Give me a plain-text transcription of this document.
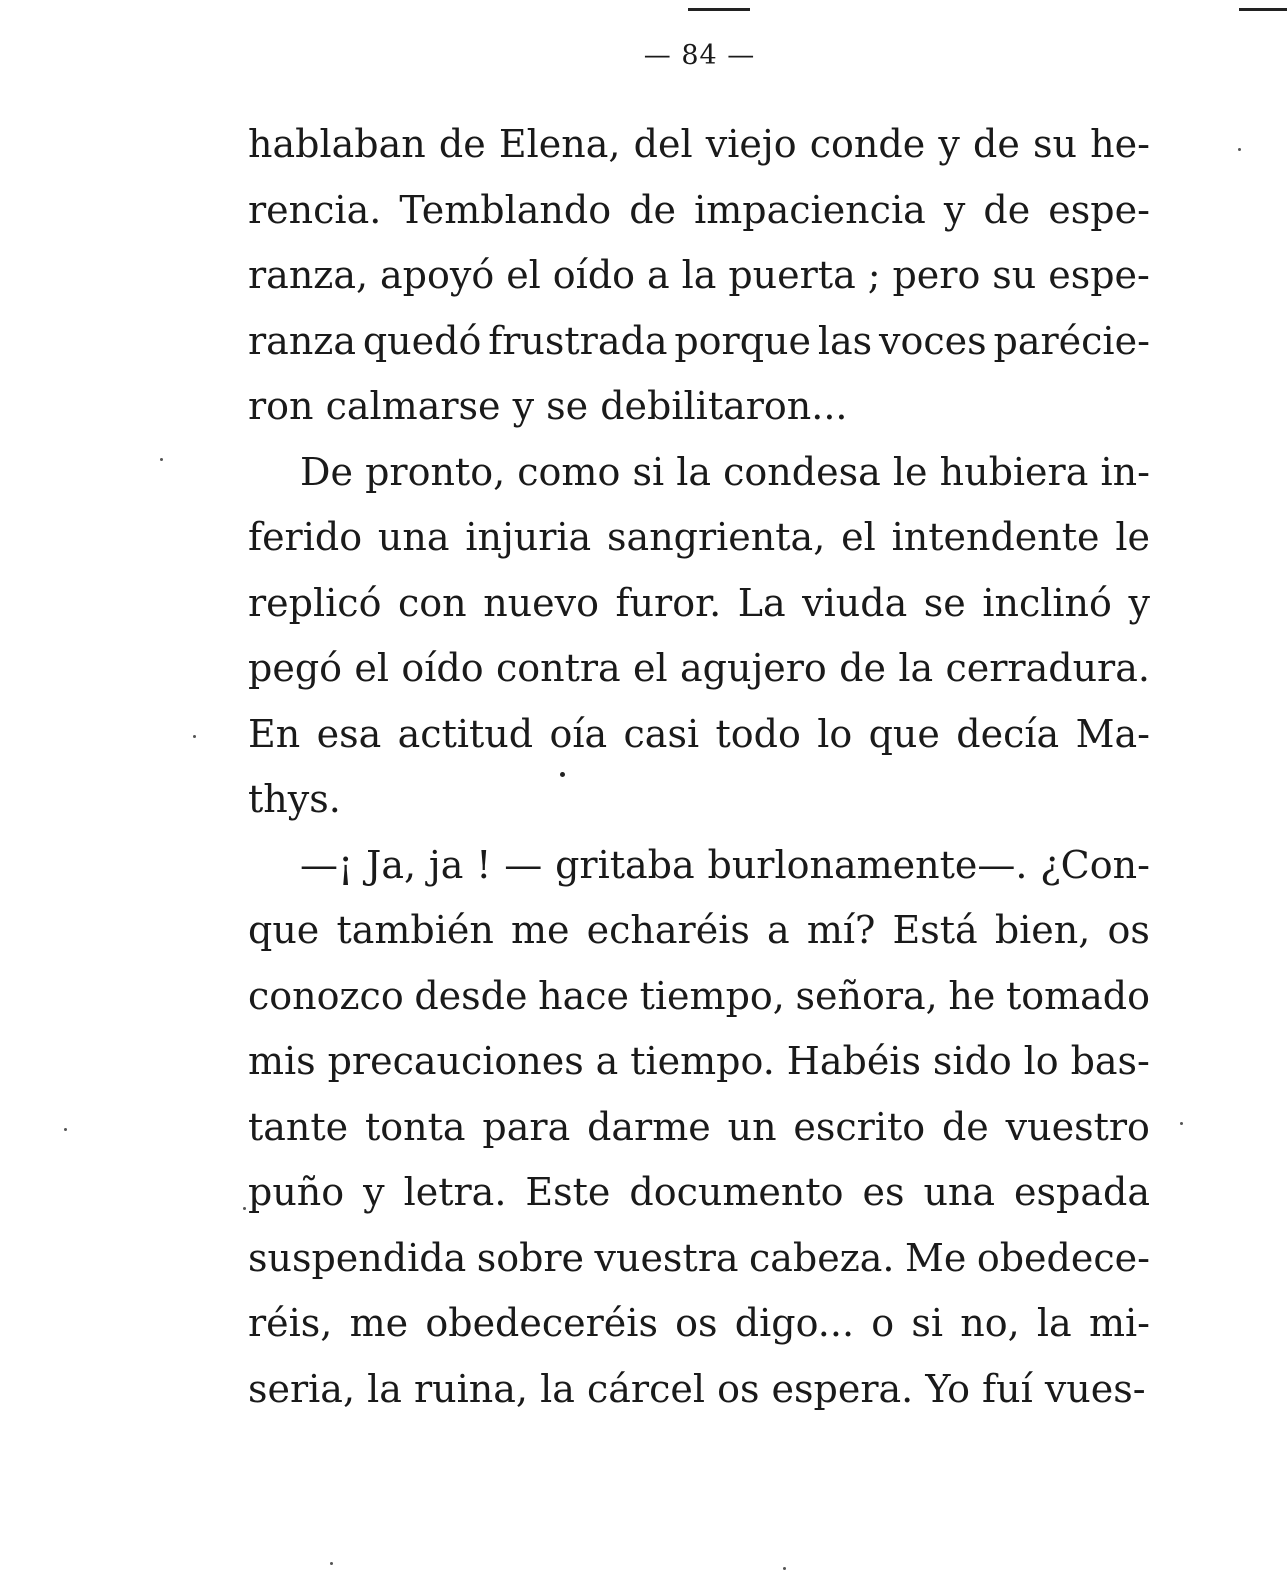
— 84 —
hablaban de Elena, del viejo conde y de su he-
rencia. Temblando de impaciencia y de espe-
ranza, apoyó el oído a la puerta ; pero su espe-
ranza quedó frustrada porque las voces parécie-
ron calmarse y se debilitaron...
De pronto, como si la condesa le hubiera in-
ferido una injuria sangrienta, el intendente le
replicó con nuevo furor. La viuda se inclinó y
pegó el oído contra el agujero de la cerradura.
En esa actitud oía casi todo lo que decía Ma-
thys.
—¡ Ja, ja ! — gritaba burlonamente—. ¿Con-
que también me echaréis a mí? Está bien, os
conozco desde hace tiempo, señora, he tomado
mis precauciones a tiempo. Habéis sido lo bas-
tante tonta para darme un escrito de vuestro
puño y letra. Este documento es una espada
suspendida sobre vuestra cabeza. Me obedece-
réis, me obedeceréis os digo... o si no, la mi-
seria, la ruina, la cárcel os espera. Yo fuí vues-
